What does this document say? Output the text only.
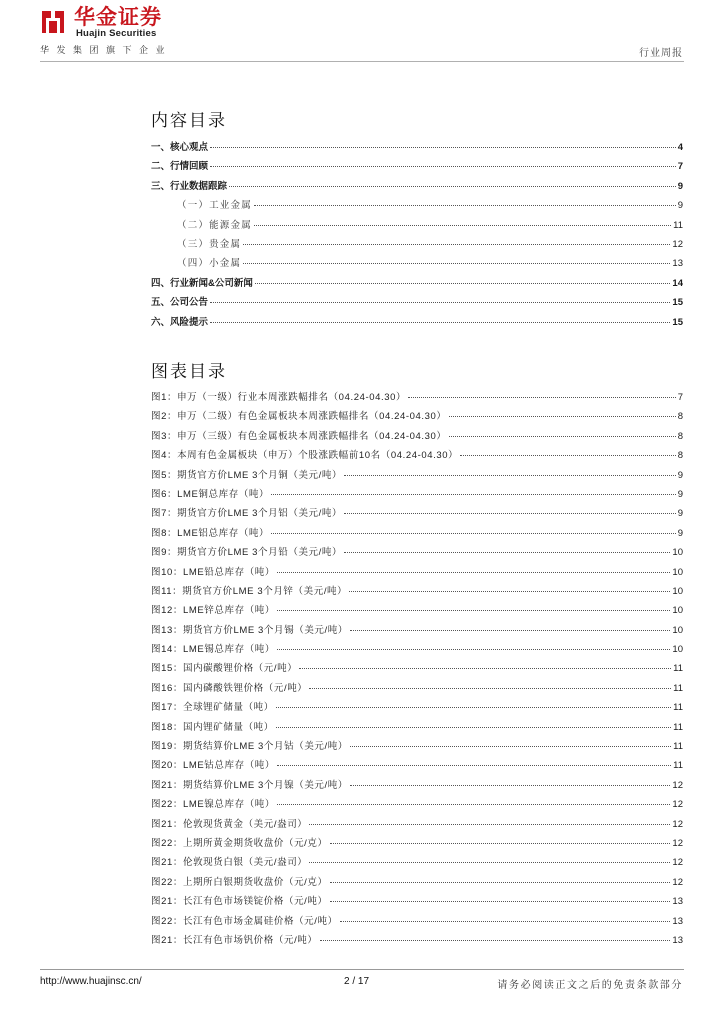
华金证券
Huajin Securities
华发集团旗下企业	行业周报
内容目录
一、核心观点	4
二、行情回顾	7
三、行业数据跟踪	9
（一）工业金属	9
（二）能源金属	11
（三）贵金属	12
（四）小金属	13
四、行业新闻&公司新闻	14
五、公司公告	15
六、风险提示	15
图表目录
图1：申万（一级）行业本周涨跌幅排名（04.24-04.30）	7
图2：申万（二级）有色金属板块本周涨跌幅排名（04.24-04.30）	8
图3：申万（三级）有色金属板块本周涨跌幅排名（04.24-04.30）	8
图4：本周有色金属板块（申万）个股涨跌幅前10名（04.24-04.30）	8
图5：期货官方价LME 3个月铜（美元/吨）	9
图6：LME铜总库存（吨）	9
图7：期货官方价LME 3个月铝（美元/吨）	9
图8：LME铝总库存（吨）	9
图9：期货官方价LME 3个月铅（美元/吨）	10
图10：LME铅总库存（吨）	10
图11：期货官方价LME 3个月锌（美元/吨）	10
图12：LME锌总库存（吨）	10
图13：期货官方价LME 3个月锡（美元/吨）	10
图14：LME锡总库存（吨）	10
图15：国内碳酸锂价格（元/吨）	11
图16：国内磷酸铁锂价格（元/吨）	11
图17：全球锂矿储量（吨）	11
图18：国内锂矿储量（吨）	11
图19：期货结算价LME 3个月钴（美元/吨）	11
图20：LME钴总库存（吨）	11
图21：期货结算价LME 3个月镍（美元/吨）	12
图22：LME镍总库存（吨）	12
图21：伦敦现货黄金（美元/盎司）	12
图22：上期所黄金期货收盘价（元/克）	12
图21：伦敦现货白银（美元/盎司）	12
图22：上期所白银期货收盘价（元/克）	12
图21：长江有色市场镁锭价格（元/吨）	13
图22：长江有色市场金属硅价格（元/吨）	13
图21：长江有色市场钒价格（元/吨）	13
http://www.huajinsc.cn/	2 / 17	请务必阅读正文之后的免责条款部分
